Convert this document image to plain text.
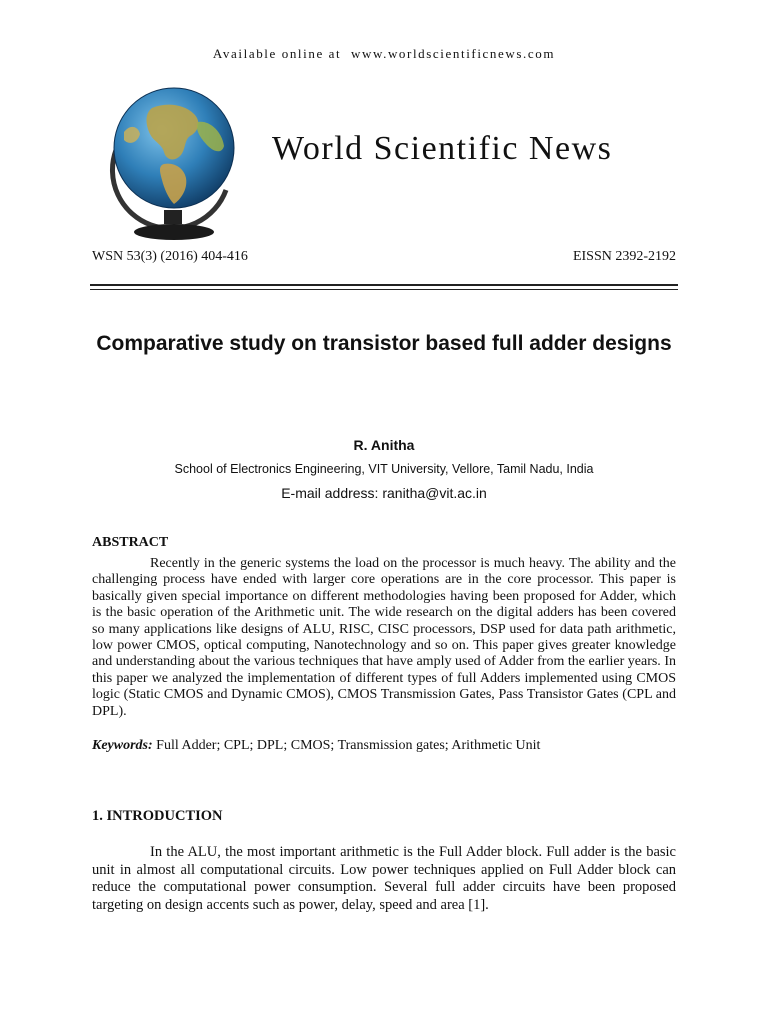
Available online at www.worldscientificnews.com
World Scientific News
WSN 53(3) (2016) 404-416	EISSN 2392-2192
Comparative study on transistor based full adder designs
R. Anitha
School of Electronics Engineering, VIT University, Vellore, Tamil Nadu, India
E-mail address: ranitha@vit.ac.in
ABSTRACT
Recently in the generic systems the load on the processor is much heavy. The ability and the challenging process have ended with larger core operations are in the core processor. This paper is basically given special importance on different methodologies having been proposed for Adder, which is the basic operation of the Arithmetic unit. The wide research on the digital adders has been covered so many applications like designs of ALU, RISC, CISC processors, DSP used for data path arithmetic, low power CMOS, optical computing, Nanotechnology and so on. This paper gives greater knowledge and understanding about the various techniques that have amply used of Adder from the earlier years. In this paper we analyzed the implementation of different types of full Adders implemented using CMOS logic (Static CMOS and Dynamic CMOS), CMOS Transmission Gates, Pass Transistor Gates (CPL and DPL).
Keywords: Full Adder; CPL; DPL; CMOS; Transmission gates; Arithmetic Unit
1. INTRODUCTION
In the ALU, the most important arithmetic is the Full Adder block. Full adder is the basic unit in almost all computational circuits. Low power techniques applied on Full Adder block can reduce the computational power consumption. Several full adder circuits have been proposed targeting on design accents such as power, delay, speed and area [1].
